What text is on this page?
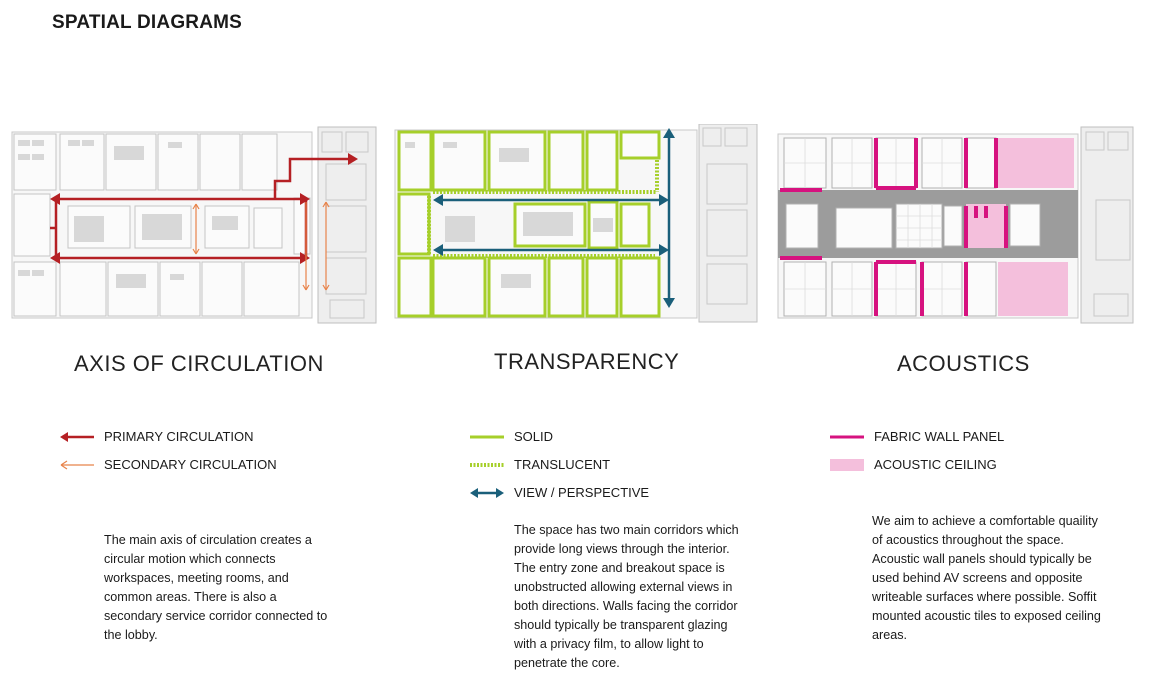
SPATIAL DIAGRAMS
AXIS OF CIRCULATION	TRANSPARENCY	ACOUSTICS
PRIMARY CIRCULATION
SECONDARY CIRCULATION
SOLID
TRANSLUCENT
VIEW / PERSPECTIVE
FABRIC WALL PANEL
ACOUSTIC CEILING
The main axis of circulation creates a circular motion which connects workspaces, meeting rooms, and common areas. There is also a secondary service corridor connected to the lobby.
The space has two main corridors which provide long views through the interior. The entry zone and breakout space is unobstructed allowing external views in both directions. Walls facing the corridor should typically be transparent glazing with a privacy film, to allow light to penetrate the core.
We aim to achieve a comfortable quaility of acoustics throughout the space. Acoustic wall panels should typically be used behind AV screens and opposite writeable surfaces where possible. Soffit mounted acoustic tiles to exposed ceiling areas.
